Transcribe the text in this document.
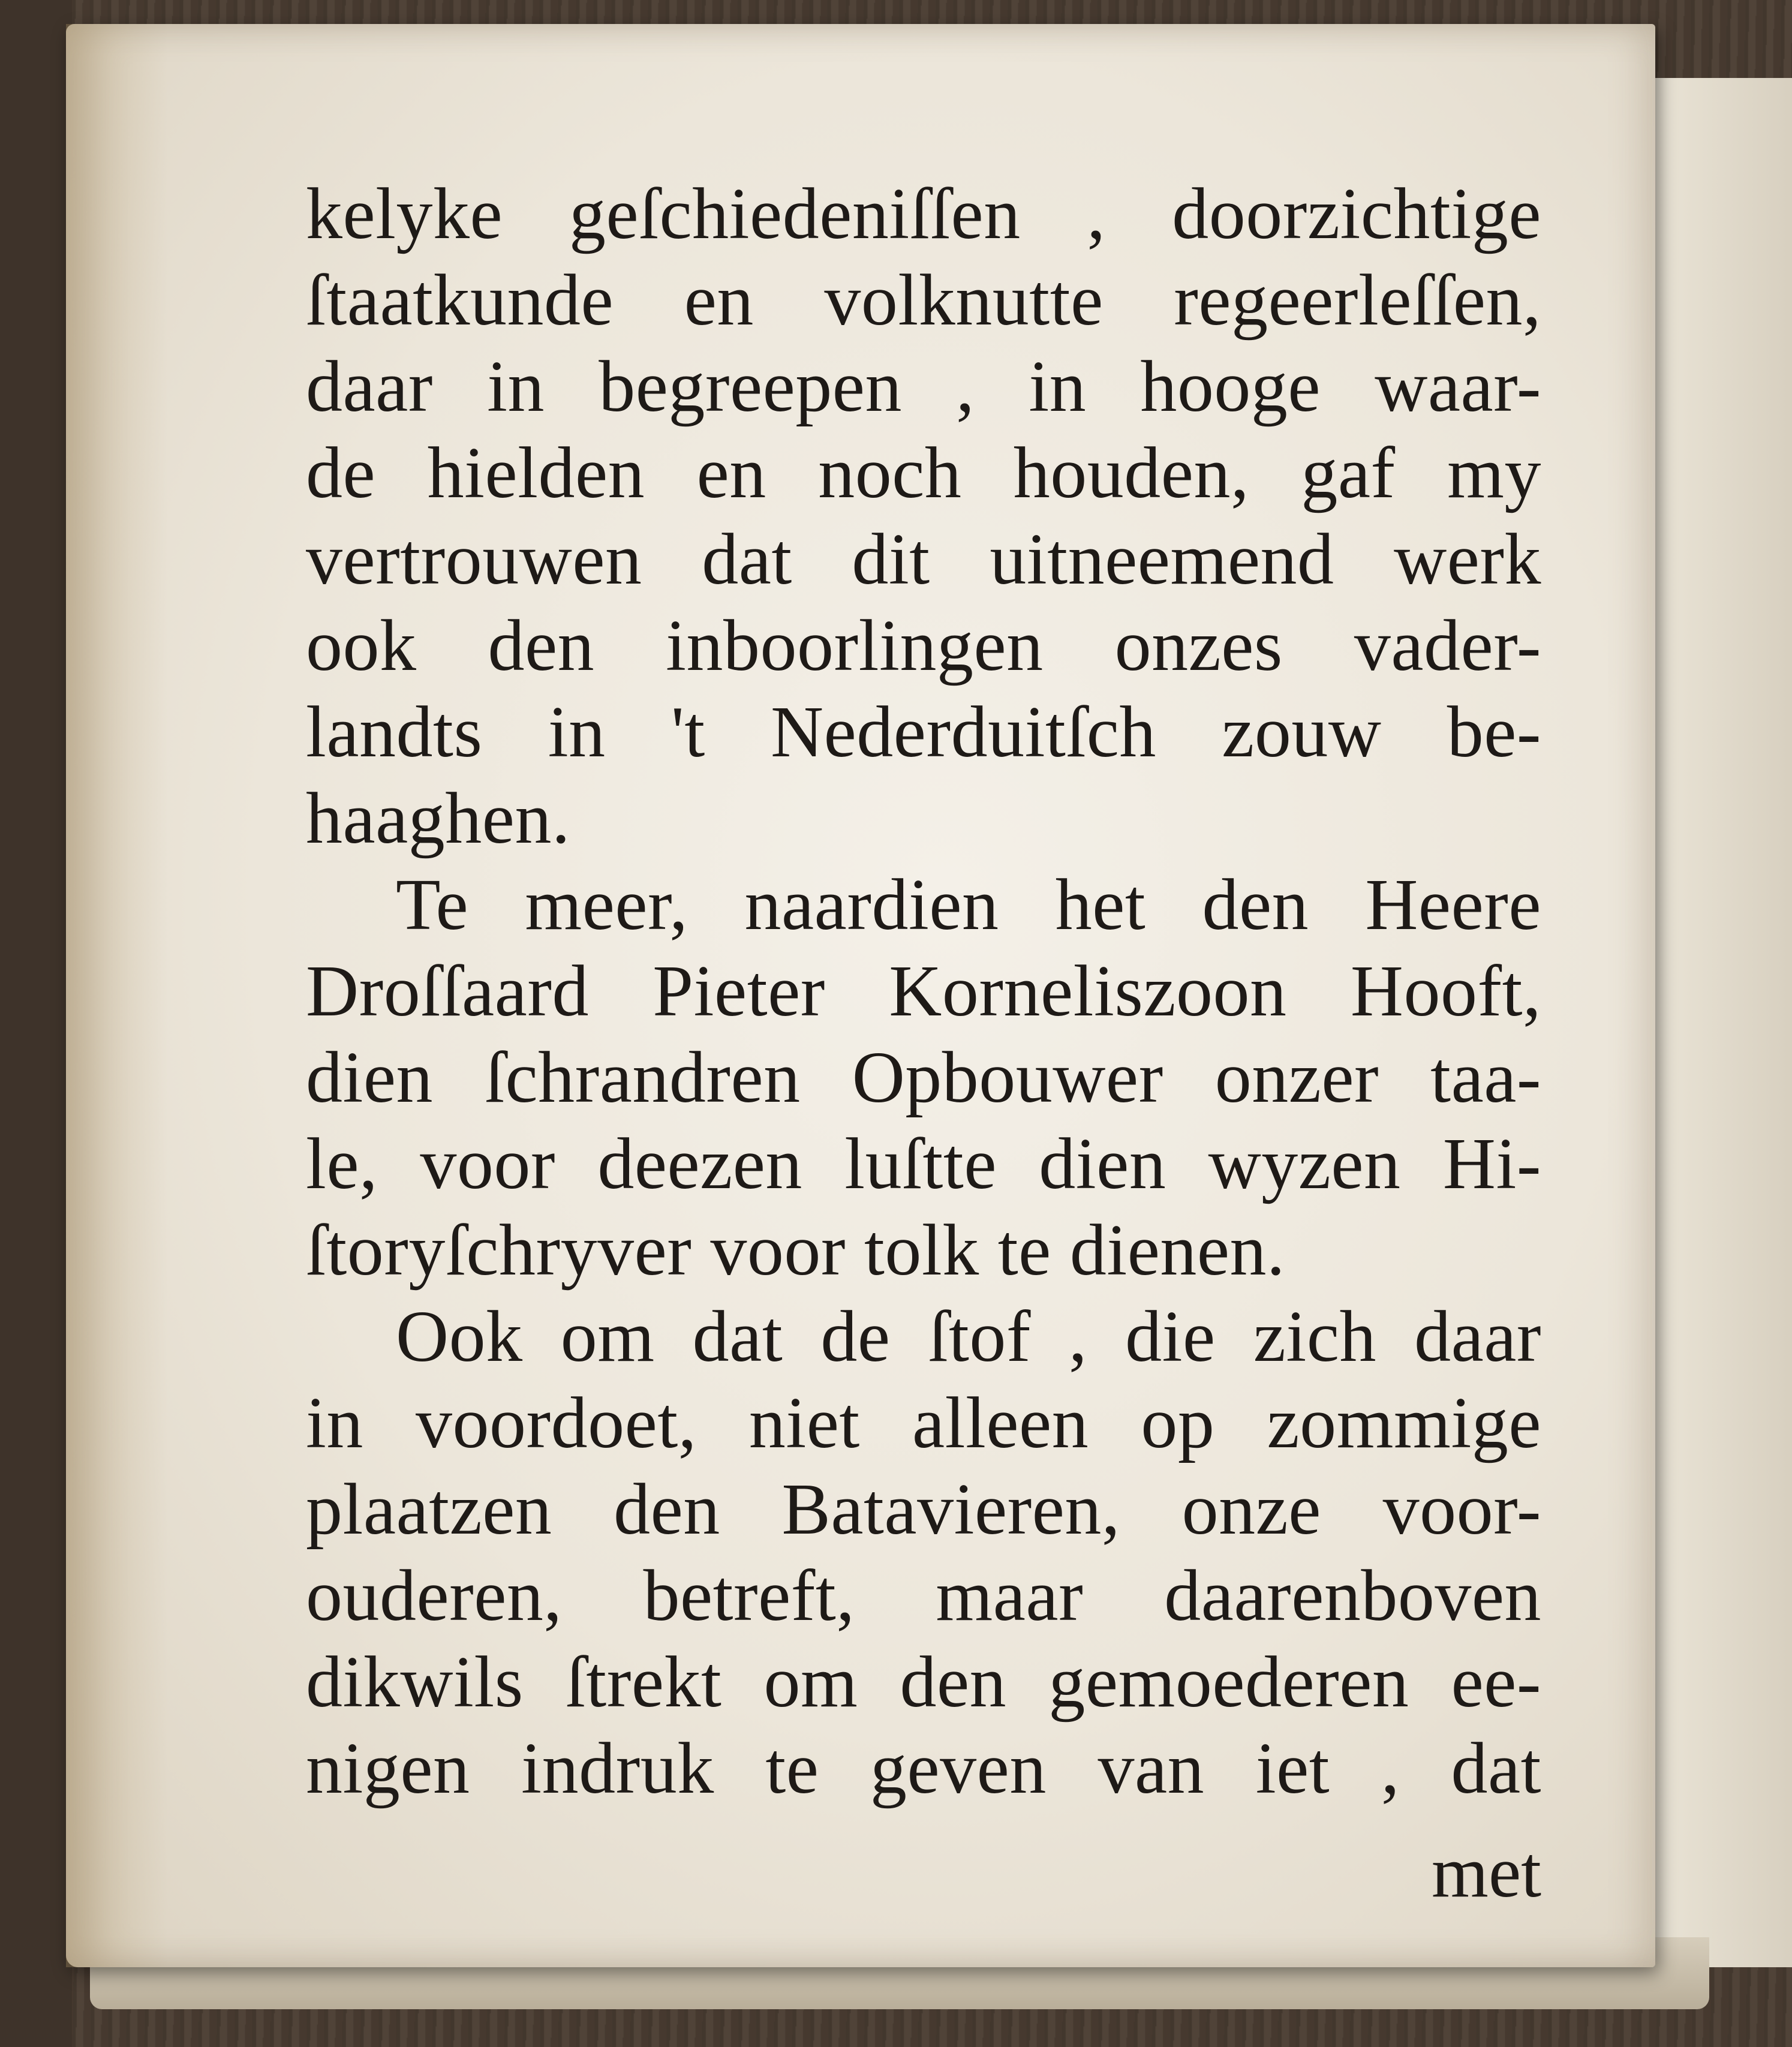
kelyke geſchiedeniſſen , doorzichtige
ſtaatkunde en volknutte regeerleſſen,
daar in begreepen , in hooge waar-
de hielden en noch houden, gaf my
vertrouwen dat dit uitneemend werk
ook den inboorlingen onzes vader-
landts in 't Nederduitſch zouw be-
haaghen.
Te meer, naardien het den Heere
Droſſaard Pieter Korneliszoon Hooft,
dien ſchrandren Opbouwer onzer taa-
le, voor deezen luſtte dien wyzen Hi-
ſtoryſchryver voor tolk te dienen.
Ook om dat de ſtof , die zich daar
in voordoet, niet alleen op zommige
plaatzen den Batavieren, onze voor-
ouderen, betreft, maar daarenboven
dikwils ſtrekt om den gemoederen ee-
nigen indruk te geven van iet , dat
met
